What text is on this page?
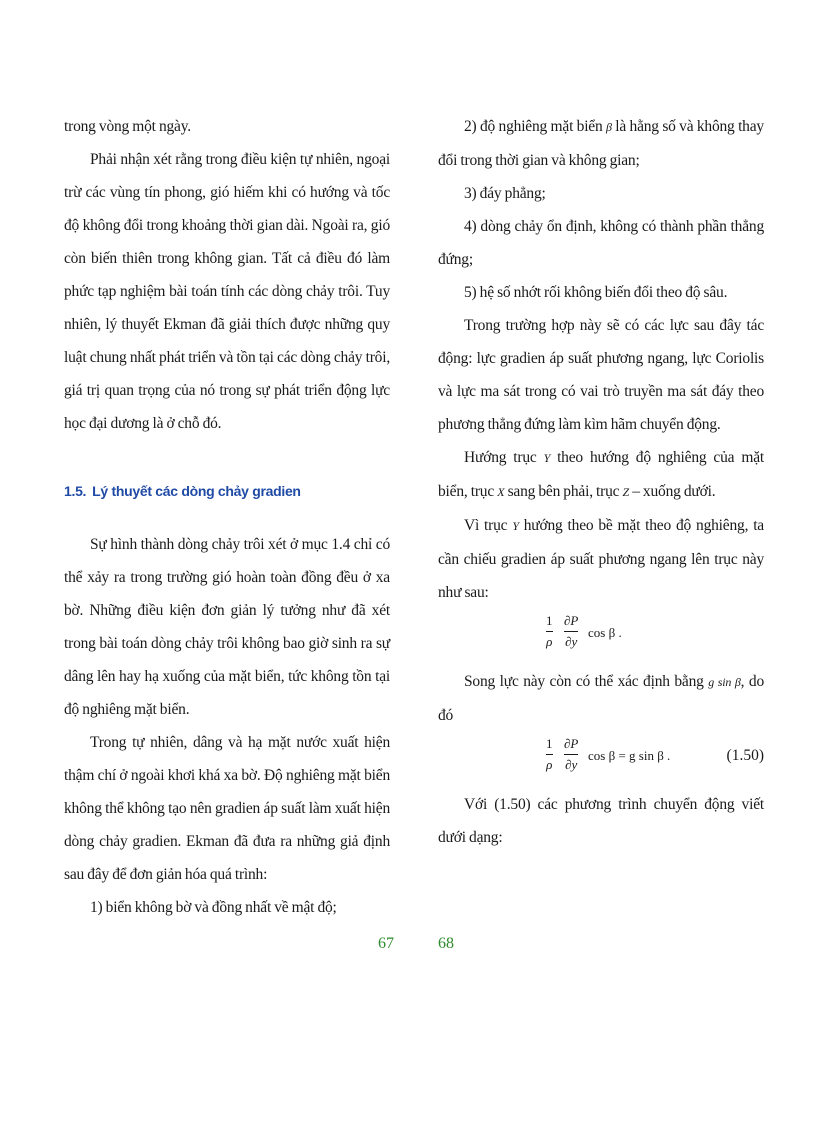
trong vòng một ngày.

Phải nhận xét rằng trong điều kiện tự nhiên, ngoại trừ các vùng tín phong, gió hiếm khi có hướng và tốc độ không đổi trong khoảng thời gian dài. Ngoài ra, gió còn biến thiên trong không gian. Tất cả điều đó làm phức tạp nghiệm bài toán tính các dòng chảy trôi. Tuy nhiên, lý thuyết Ekman đã giải thích được những quy luật chung nhất phát triển và tồn tại các dòng chảy trôi, giá trị quan trọng của nó trong sự phát triển động lực học đại dương là ở chỗ đó.

1.5. Lý thuyết các dòng chảy gradien

Sự hình thành dòng chảy trôi xét ở mục 1.4 chỉ có thể xảy ra trong trường gió hoàn toàn đồng đều ở xa bờ. Những điều kiện đơn giản lý tưởng như đã xét trong bài toán dòng chảy trôi không bao giờ sinh ra sự dâng lên hay hạ xuống của mặt biển, tức không tồn tại độ nghiêng mặt biển.

Trong tự nhiên, dâng và hạ mặt nước xuất hiện thậm chí ở ngoài khơi khá xa bờ. Độ nghiêng mặt biển không thể không tạo nên gradien áp suất làm xuất hiện dòng chảy gradien. Ekman đã đưa ra những giả định sau đây để đơn giản hóa quá trình:

1) biển không bờ và đồng nhất về mật độ;

67

2) độ nghiêng mặt biển β là hằng số và không thay đổi trong thời gian và không gian;

3) đáy phẳng;

4) dòng chảy ổn định, không có thành phần thẳng đứng;

5) hệ số nhớt rối không biến đổi theo độ sâu.

Trong trường hợp này sẽ có các lực sau đây tác động: lực gradien áp suất phương ngang, lực Coriolis và lực ma sát trong có vai trò truyền ma sát đáy theo phương thẳng đứng làm kìm hãm chuyển động.

Hướng trục Y theo hướng độ nghiêng của mặt biển, trục X sang bên phải, trục Z – xuống dưới.

Vì trục Y hướng theo bề mặt theo độ nghiêng, ta cần chiếu gradien áp suất phương ngang lên trục này như sau:

1
ρ
∂P
∂y
cos β .

Song lực này còn có thể xác định bằng g sin β, do đó

1
ρ
∂P
∂y
cos β = g sin β .	(1.50)

Với (1.50) các phương trình chuyển động viết dưới dạng:

68
